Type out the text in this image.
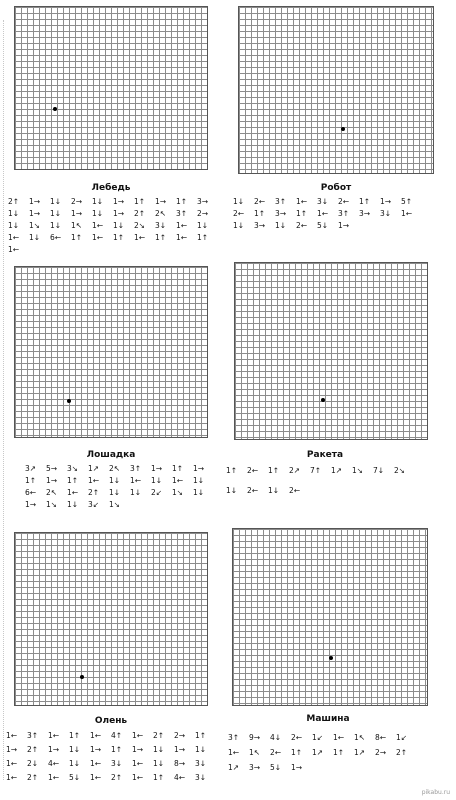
Лебедь
2↑	1→	1↓	2→	1↓	1→	1↑	1→	1↑	3→
1↓	1→	1↓	1→	1↓	1→	2↑	2↖	3↑	2→
1↓	1↘	1↓	1↖	1←	1↓	2↘	3↓	1←	1↓
1←	1↓	6←	1↑	1←	1↑	1←	1↑	1←	1↑
1←
Робот
1↓	2←	3↑	1←	3↓	2←	1↑	1→	5↑
2←	1↑	3→	1↑	1←	3↑	3→	3↓	1←
1↓	3→	1↓	2←	5↓	1→
Лошадка
3↗	5→	3↘	1↗	2↖	3↑	1→	1↑	1→
1↑	1→	1↑	1←	1↓	1←	1↓	1←	1↓
6←	2↖	1←	2↑	1↓	1↓	2↙	1↘	1↓
1→	1↘	1↓	3↙	1↘
Ракета
1↑	2←	1↑	2↗	7↑	1↗	1↘	7↓	2↘
1↓	2←	1↓	2←
Олень
1←	3↑	1←	1↑	1←	4↑	1←	2↑	2→	1↑
1→	2↑	1→	1↓	1→	1↑	1→	1↓	1→	1↓
1←	2↓	4←	1↓	1←	3↓	1←	1↓	8→	3↓
1←	2↑	1←	5↓	1←	2↑	1←	1↑	4←	3↓
Машина
3↑	9→	4↓	2←	1↙	1←	1↖	8←	1↙
1←	1↖	2←	1↑	1↗	1↑	1↗	2→	2↑
1↗	3→	5↓	1→
pikabu.ru
